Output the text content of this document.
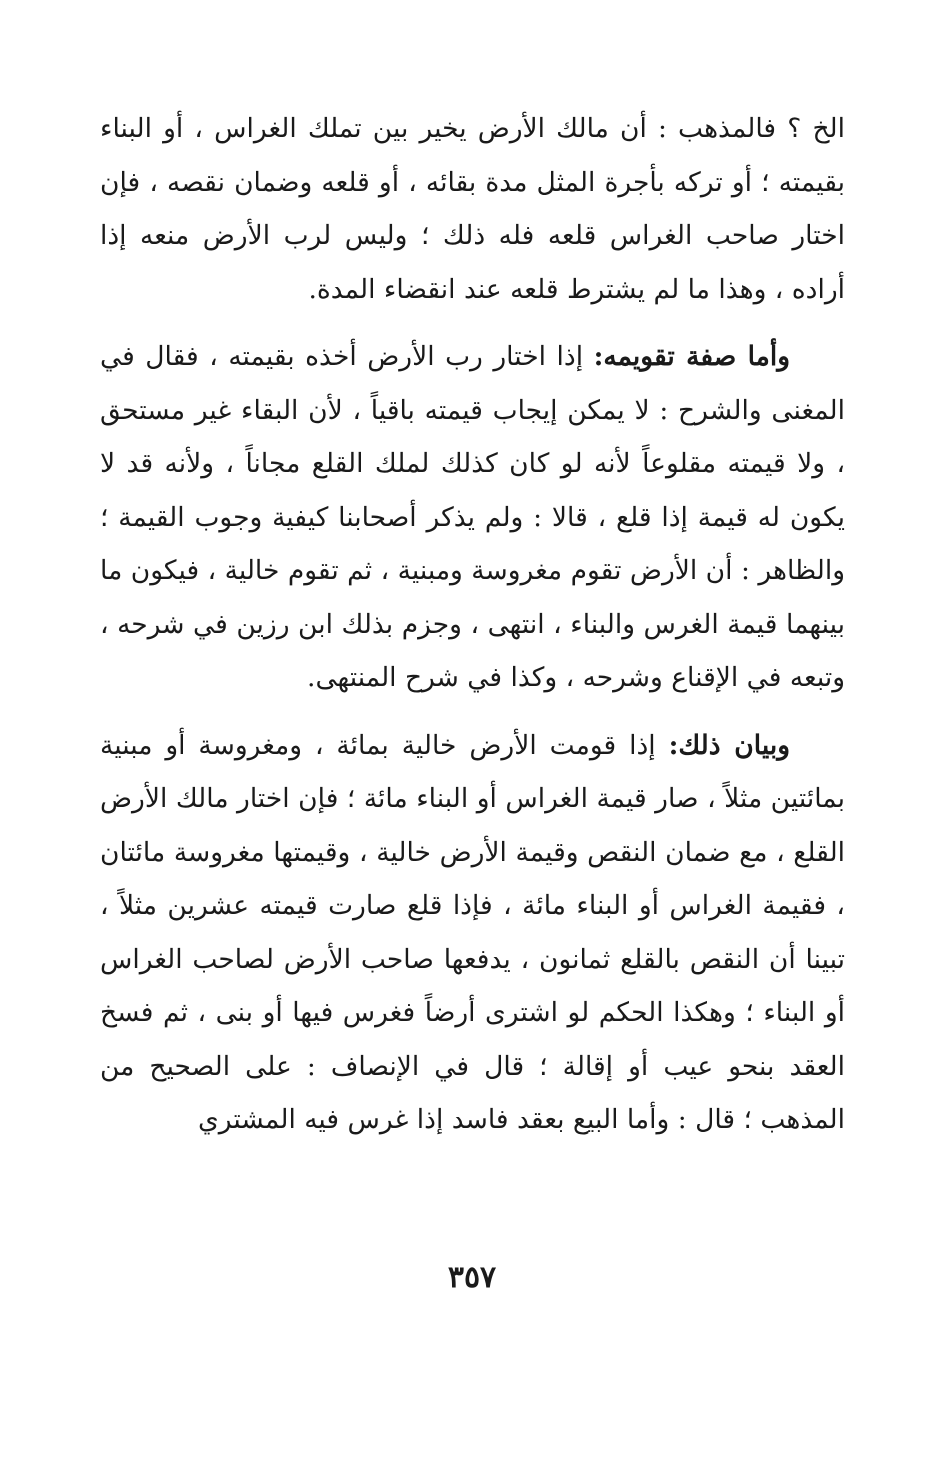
الخ ؟ فالمذهب : أن مالك الأرض يخير بين تملك الغراس ، أو البناء بقيمته ؛ أو تركه بأجرة المثل مدة بقائه ، أو قلعه وضمان نقصه ، فإن اختار صاحب الغراس قلعه فله ذلك ؛ وليس لرب الأرض منعه إذا أراده ، وهذا ما لم يشترط قلعه عند انقضاء المدة.

وأما صفة تقويمه: إذا اختار رب الأرض أخذه بقيمته ، فقال في المغنى والشرح : لا يمكن إيجاب قيمته باقياً ، لأن البقاء غير مستحق ، ولا قيمته مقلوعاً لأنه لو كان كذلك لملك القلع مجاناً ، ولأنه قد لا يكون له قيمة إذا قلع ، قالا : ولم يذكر أصحابنا كيفية وجوب القيمة ؛ والظاهر : أن الأرض تقوم مغروسة ومبنية ، ثم تقوم خالية ، فيكون ما بينهما قيمة الغرس والبناء ، انتهى ، وجزم بذلك ابن رزين في شرحه ، وتبعه في الإقناع وشرحه ، وكذا في شرح المنتهى.

وبيان ذلك: إذا قومت الأرض خالية بمائة ، ومغروسة أو مبنية بمائتين مثلاً ، صار قيمة الغراس أو البناء مائة ؛ فإن اختار مالك الأرض القلع ، مع ضمان النقص وقيمة الأرض خالية ، وقيمتها مغروسة مائتان ، فقيمة الغراس أو البناء مائة ، فإذا قلع صارت قيمته عشرين مثلاً ، تبينا أن النقص بالقلع ثمانون ، يدفعها صاحب الأرض لصاحب الغراس أو البناء ؛ وهكذا الحكم لو اشترى أرضاً فغرس فيها أو بنى ، ثم فسخ العقد بنحو عيب أو إقالة ؛ قال في الإنصاف : على الصحيح من المذهب ؛ قال : وأما البيع بعقد فاسد إذا غرس فيه المشتري

٣٥٧
